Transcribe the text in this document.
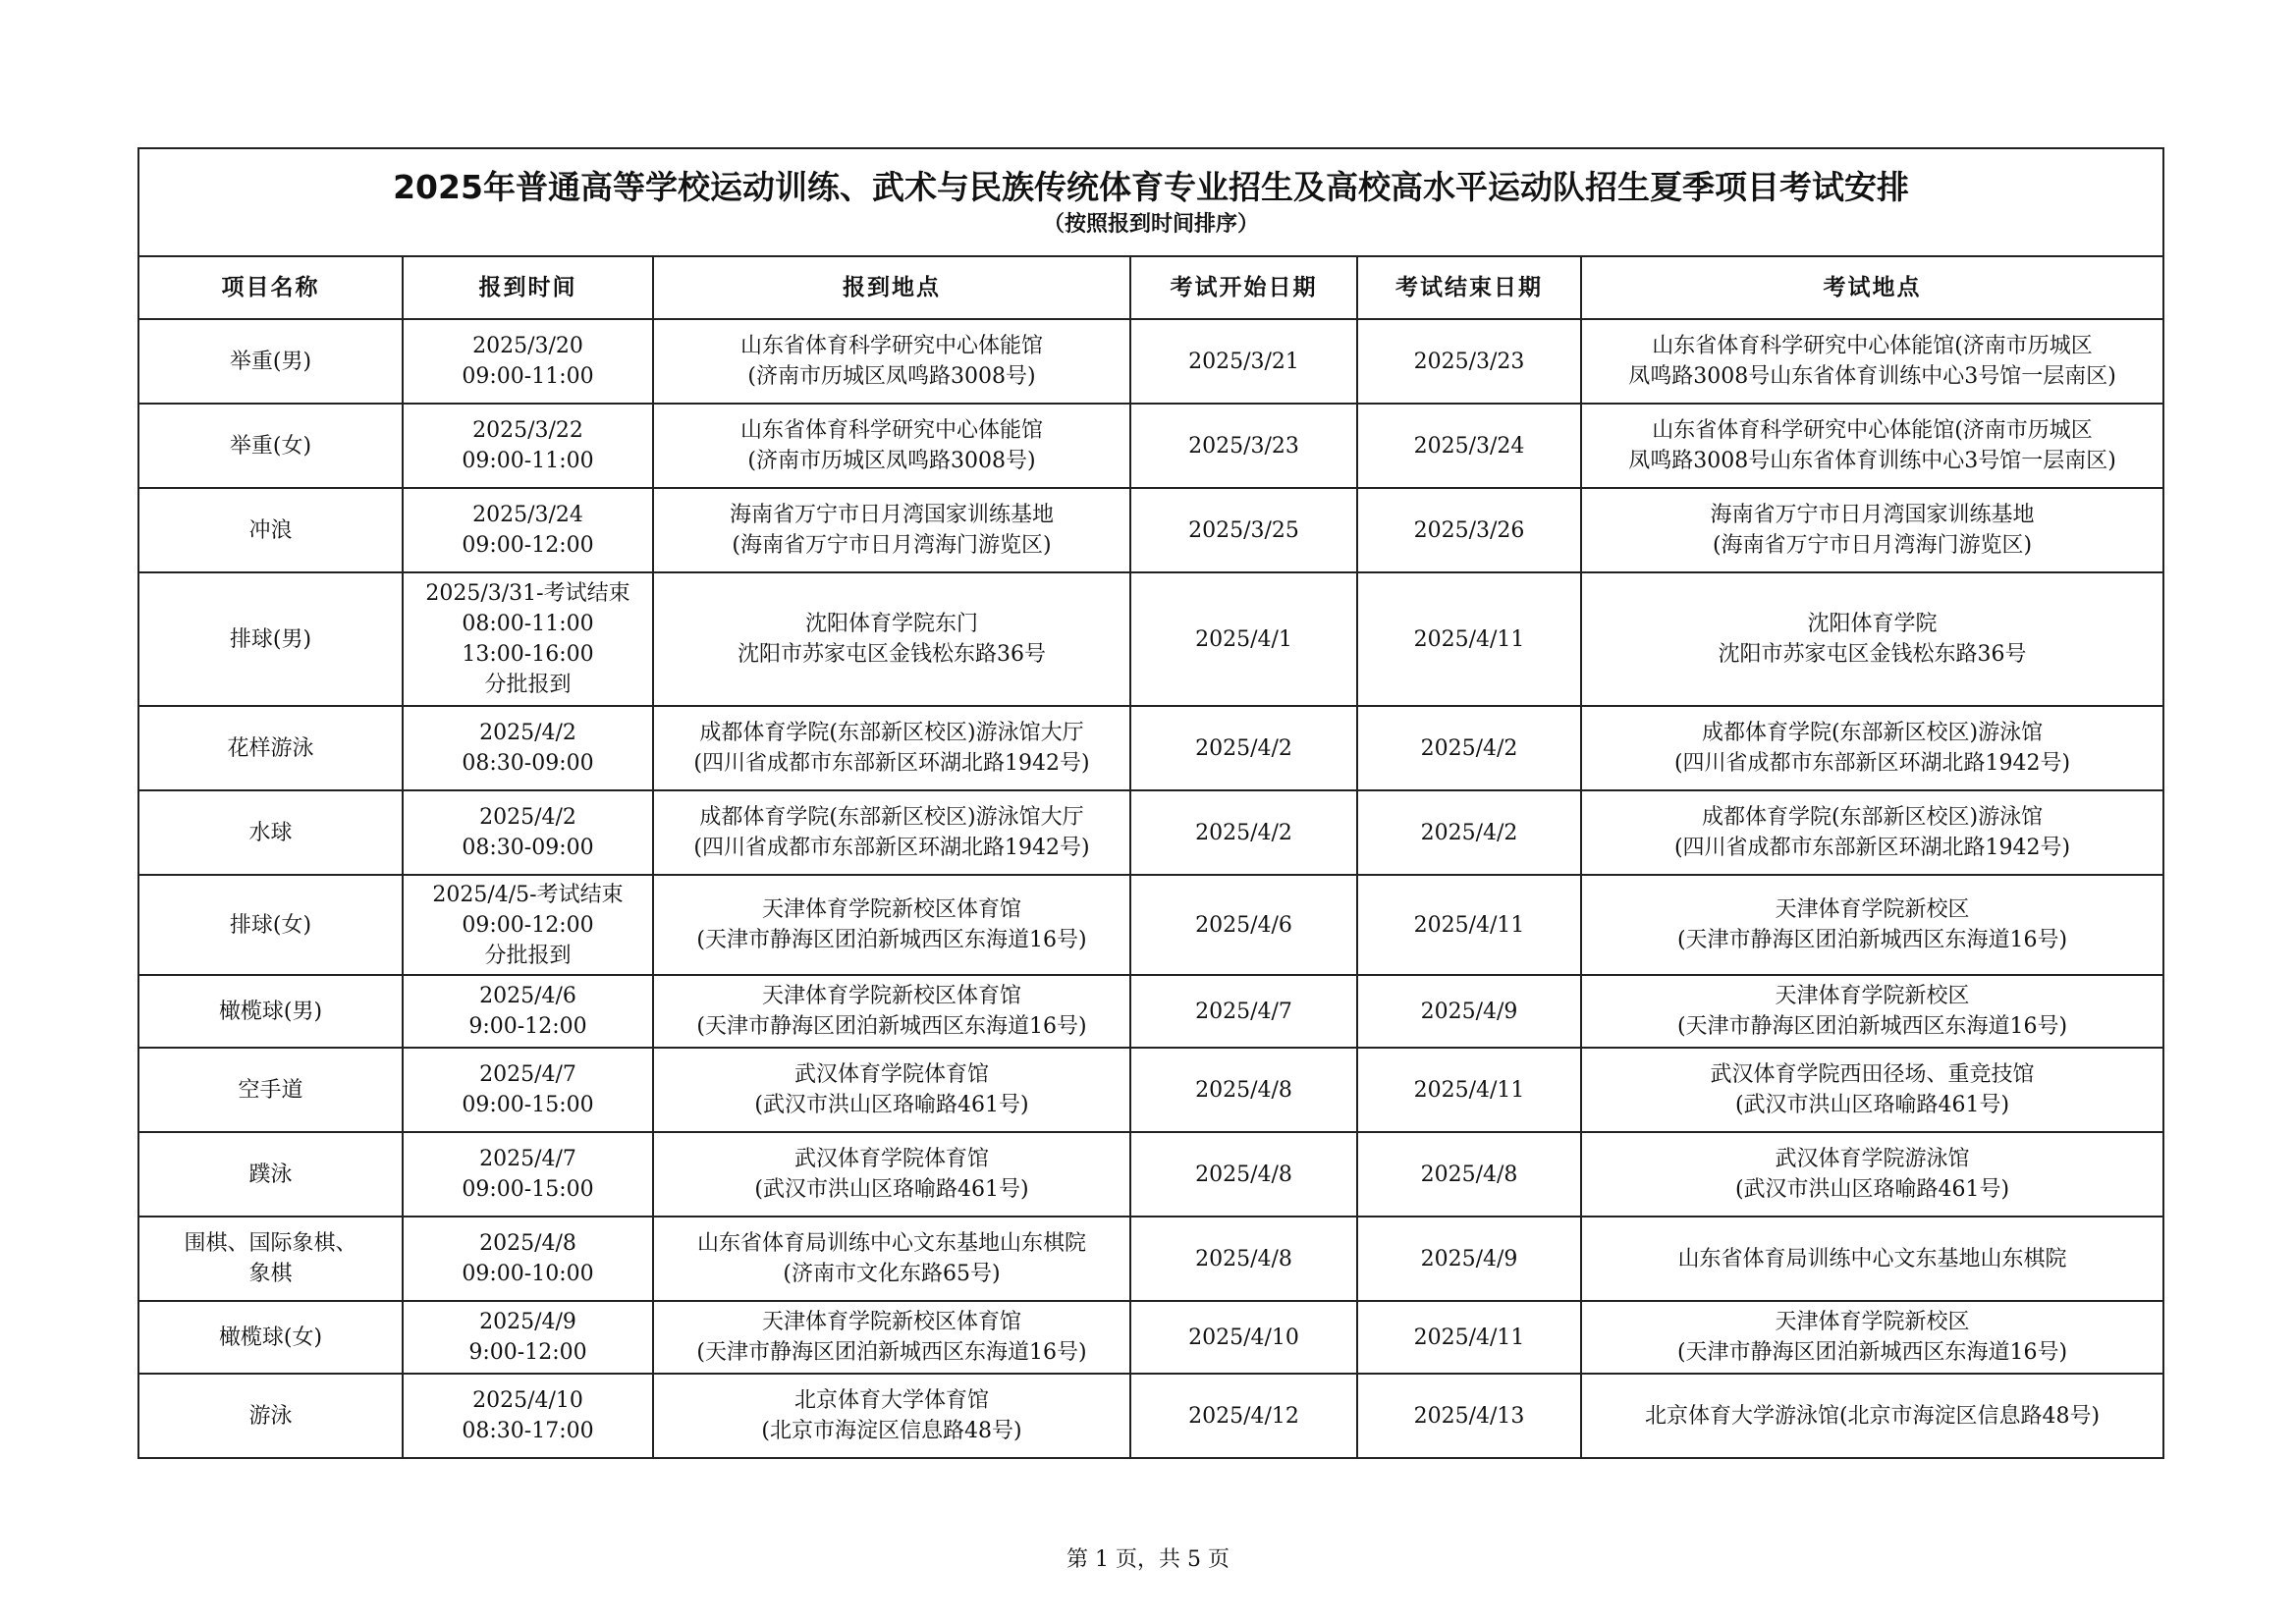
2025年普通高等学校运动训练、武术与民族传统体育专业招生及高校高水平运动队招生夏季项目考试安排
（按照报到时间排序）					

项目名称	报到时间	报到地点	考试开始日期	考试结束日期	考试地点

举重(男)	2025/3/20
09:00-11:00	山东省体育科学研究中心体能馆
(济南市历城区凤鸣路3008号)	2025/3/21	2025/3/23	山东省体育科学研究中心体能馆(济南市历城区
凤鸣路3008号山东省体育训练中心3号馆一层南区)

举重(女)	2025/3/22
09:00-11:00	山东省体育科学研究中心体能馆
(济南市历城区凤鸣路3008号)	2025/3/23	2025/3/24	山东省体育科学研究中心体能馆(济南市历城区
凤鸣路3008号山东省体育训练中心3号馆一层南区)

冲浪	2025/3/24
09:00-12:00	海南省万宁市日月湾国家训练基地
(海南省万宁市日月湾海门游览区)	2025/3/25	2025/3/26	海南省万宁市日月湾国家训练基地
(海南省万宁市日月湾海门游览区)

排球(男)	2025/3/31-考试结束
08:00-11:00
13:00-16:00
分批报到	沈阳体育学院东门
沈阳市苏家屯区金钱松东路36号	2025/4/1	2025/4/11	沈阳体育学院
沈阳市苏家屯区金钱松东路36号

花样游泳	2025/4/2
08:30-09:00	成都体育学院(东部新区校区)游泳馆大厅
(四川省成都市东部新区环湖北路1942号)	2025/4/2	2025/4/2	成都体育学院(东部新区校区)游泳馆
(四川省成都市东部新区环湖北路1942号)

水球	2025/4/2
08:30-09:00	成都体育学院(东部新区校区)游泳馆大厅
(四川省成都市东部新区环湖北路1942号)	2025/4/2	2025/4/2	成都体育学院(东部新区校区)游泳馆
(四川省成都市东部新区环湖北路1942号)

排球(女)	2025/4/5-考试结束
09:00-12:00
分批报到	天津体育学院新校区体育馆
(天津市静海区团泊新城西区东海道16号)	2025/4/6	2025/4/11	天津体育学院新校区
(天津市静海区团泊新城西区东海道16号)

橄榄球(男)	2025/4/6
9:00-12:00	天津体育学院新校区体育馆
(天津市静海区团泊新城西区东海道16号)	2025/4/7	2025/4/9	天津体育学院新校区
(天津市静海区团泊新城西区东海道16号)

空手道	2025/4/7
09:00-15:00	武汉体育学院体育馆
(武汉市洪山区珞喻路461号)	2025/4/8	2025/4/11	武汉体育学院西田径场、重竞技馆
(武汉市洪山区珞喻路461号)

蹼泳	2025/4/7
09:00-15:00	武汉体育学院体育馆
(武汉市洪山区珞喻路461号)	2025/4/8	2025/4/8	武汉体育学院游泳馆
(武汉市洪山区珞喻路461号)

围棋、国际象棋、
象棋	2025/4/8
09:00-10:00	山东省体育局训练中心文东基地山东棋院
(济南市文化东路65号)	2025/4/8	2025/4/9	山东省体育局训练中心文东基地山东棋院

橄榄球(女)	2025/4/9
9:00-12:00	天津体育学院新校区体育馆
(天津市静海区团泊新城西区东海道16号)	2025/4/10	2025/4/11	天津体育学院新校区
(天津市静海区团泊新城西区东海道16号)

游泳	2025/4/10
08:30-17:00	北京体育大学体育馆
(北京市海淀区信息路48号)	2025/4/12	2025/4/13	北京体育大学游泳馆(北京市海淀区信息路48号)
第 1 页，共 5 页
